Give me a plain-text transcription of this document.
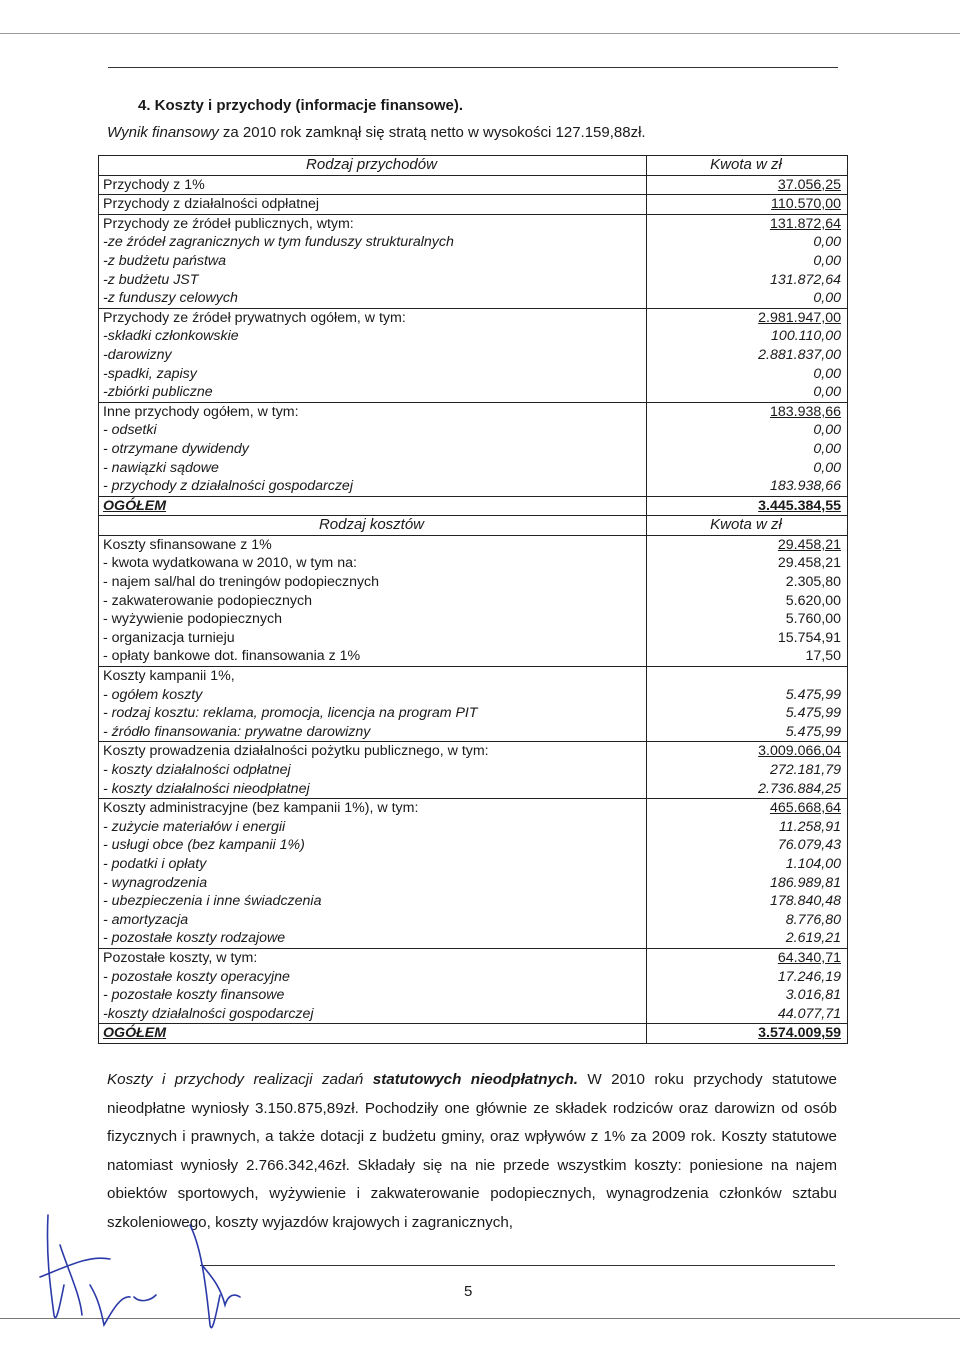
4. Koszty i przychody (informacje finansowe).
Wynik finansowy za 2010 rok zamknął się stratą netto w wysokości 127.159,88zł.
Rodzaj przychodów	Kwota w zł
Przychody z 1%	37.056,25
Przychody z działalności odpłatnej	110.570,00
Przychody ze źródeł publicznych, wtym:	131.872,64
-ze źródeł zagranicznych w tym funduszy strukturalnych	0,00
-z budżetu państwa	0,00
-z budżetu JST	131.872,64
-z funduszy celowych	0,00
Przychody ze źródeł prywatnych ogółem, w tym:	2.981.947,00
-składki członkowskie	100.110,00
-darowizny	2.881.837,00
-spadki, zapisy	0,00
-zbiórki publiczne	0,00
Inne przychody ogółem, w tym:	183.938,66
- odsetki	0,00
- otrzymane dywidendy	0,00
- nawiązki sądowe	0,00
- przychody z działalności gospodarczej	183.938,66
OGÓŁEM	3.445.384,55
Rodzaj kosztów	Kwota w zł
Koszty sfinansowane z 1%	29.458,21
- kwota wydatkowana w 2010, w tym na:	29.458,21
- najem sal/hal do treningów podopiecznych	2.305,80
- zakwaterowanie podopiecznych	5.620,00
- wyżywienie podopiecznych	5.760,00
- organizacja turnieju	15.754,91
- opłaty bankowe dot. finansowania z 1%	17,50
Koszty kampanii 1%,	
- ogółem koszty	5.475,99
- rodzaj kosztu: reklama, promocja, licencja na program PIT	5.475,99
- źródło finansowania: prywatne darowizny	5.475,99
Koszty prowadzenia działalności pożytku publicznego, w tym:	3.009.066,04
- koszty działalności odpłatnej	272.181,79
- koszty działalności nieodpłatnej	2.736.884,25
Koszty administracyjne (bez kampanii 1%), w tym:	465.668,64
- zużycie materiałów i energii	11.258,91
- usługi obce (bez kampanii 1%)	76.079,43
- podatki i opłaty	1.104,00
- wynagrodzenia	186.989,81
- ubezpieczenia i inne świadczenia	178.840,48
- amortyzacja	8.776,80
- pozostałe koszty rodzajowe	2.619,21
Pozostałe koszty, w tym:	64.340,71
- pozostałe koszty operacyjne	17.246,19
- pozostałe koszty finansowe	3.016,81
-koszty działalności gospodarczej	44.077,71
OGÓŁEM	3.574.009,59
Koszty i przychody realizacji zadań statutowych nieodpłatnych. W 2010 roku przychody statutowe nieodpłatne wyniosły 3.150.875,89zł. Pochodziły one głównie ze składek rodziców oraz darowizn od osób fizycznych i prawnych, a także dotacji z budżetu gminy, oraz wpływów z 1% za 2009 rok. Koszty statutowe natomiast wyniosły 2.766.342,46zł. Składały się na nie przede wszystkim koszty: poniesione na najem obiektów sportowych, wyżywienie i zakwaterowanie podopiecznych, wynagrodzenia członków sztabu szkoleniowego, koszty wyjazdów krajowych i zagranicznych,
5
